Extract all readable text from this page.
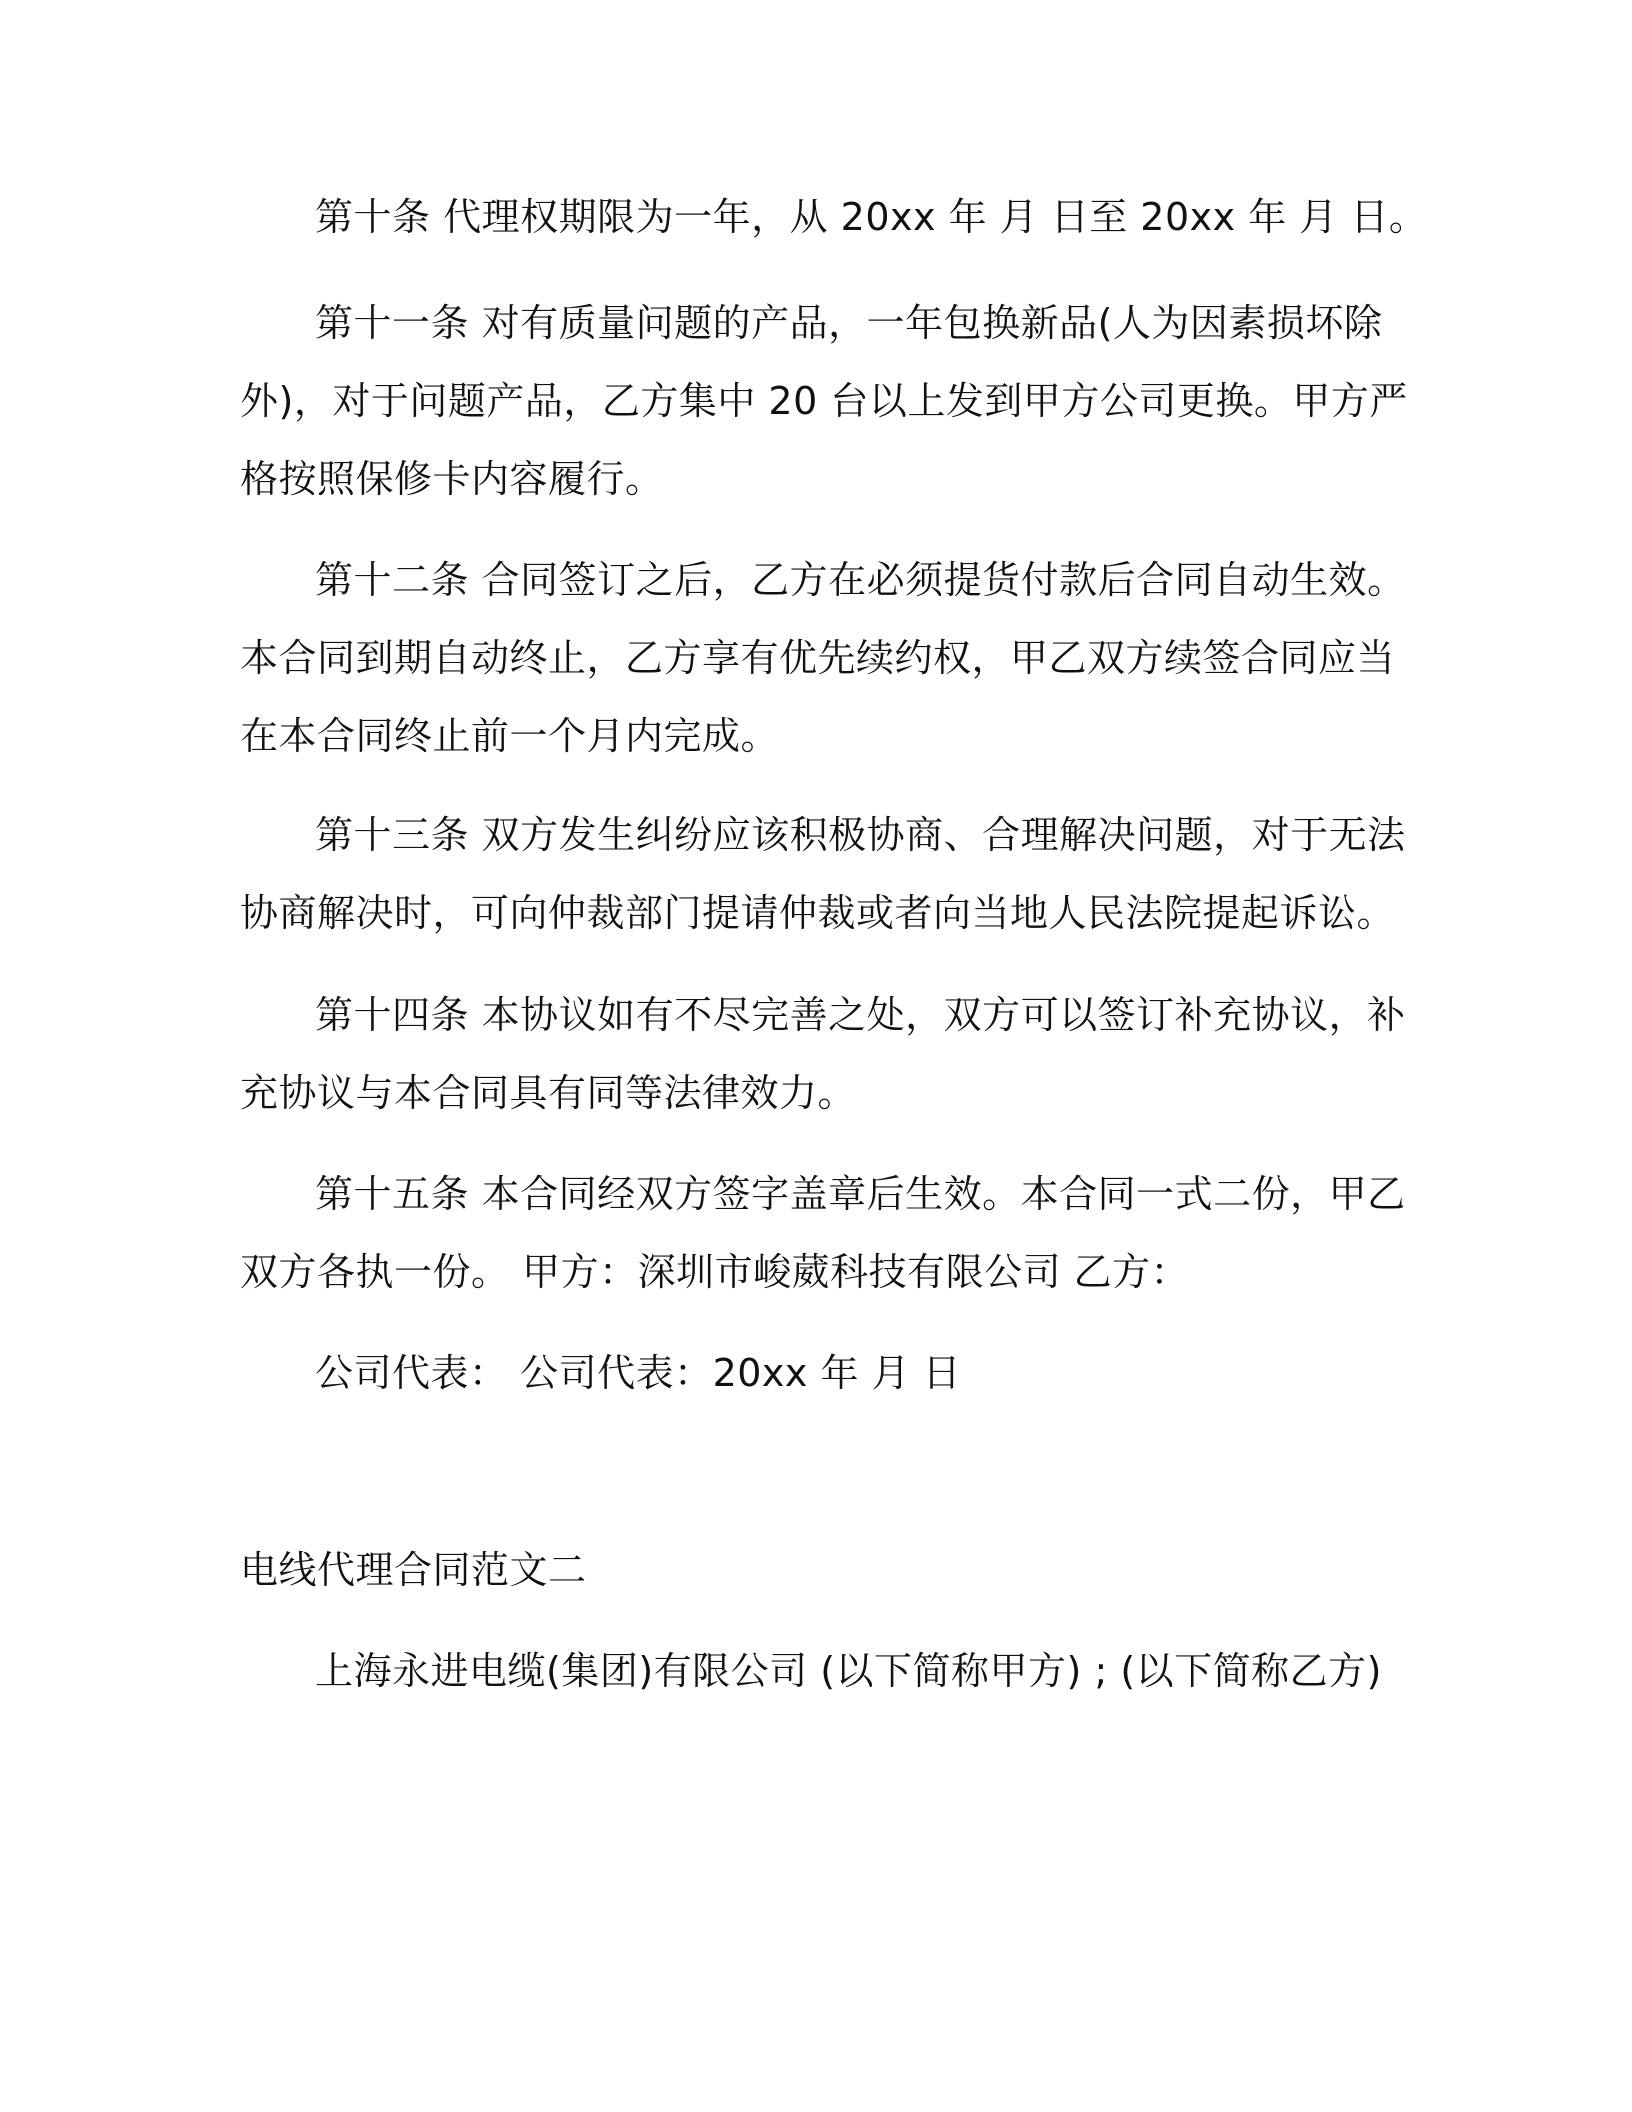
第十条 代理权期限为一年，从 20xx 年 月 日至 20xx 年 月 日。

第十一条 对有质量问题的产品，一年包换新品(人为因素损坏除
外)，对于问题产品，乙方集中 20 台以上发到甲方公司更换。甲方严
格按照保修卡内容履行。

第十二条 合同签订之后，乙方在必须提货付款后合同自动生效。
本合同到期自动终止，乙方享有优先续约权，甲乙双方续签合同应当
在本合同终止前一个月内完成。

第十三条 双方发生纠纷应该积极协商、合理解决问题，对于无法
协商解决时，可向仲裁部门提请仲裁或者向当地人民法院提起诉讼。

第十四条 本协议如有不尽完善之处，双方可以签订补充协议，补
充协议与本合同具有同等法律效力。

第十五条 本合同经双方签字盖章后生效。本合同一式二份，甲乙
双方各执一份。 甲方：深圳市峻葳科技有限公司 乙方：

公司代表： 公司代表：20xx 年 月 日

电线代理合同范文二

上海永进电缆(集团)有限公司 (以下简称甲方) ; (以下简称乙方)
